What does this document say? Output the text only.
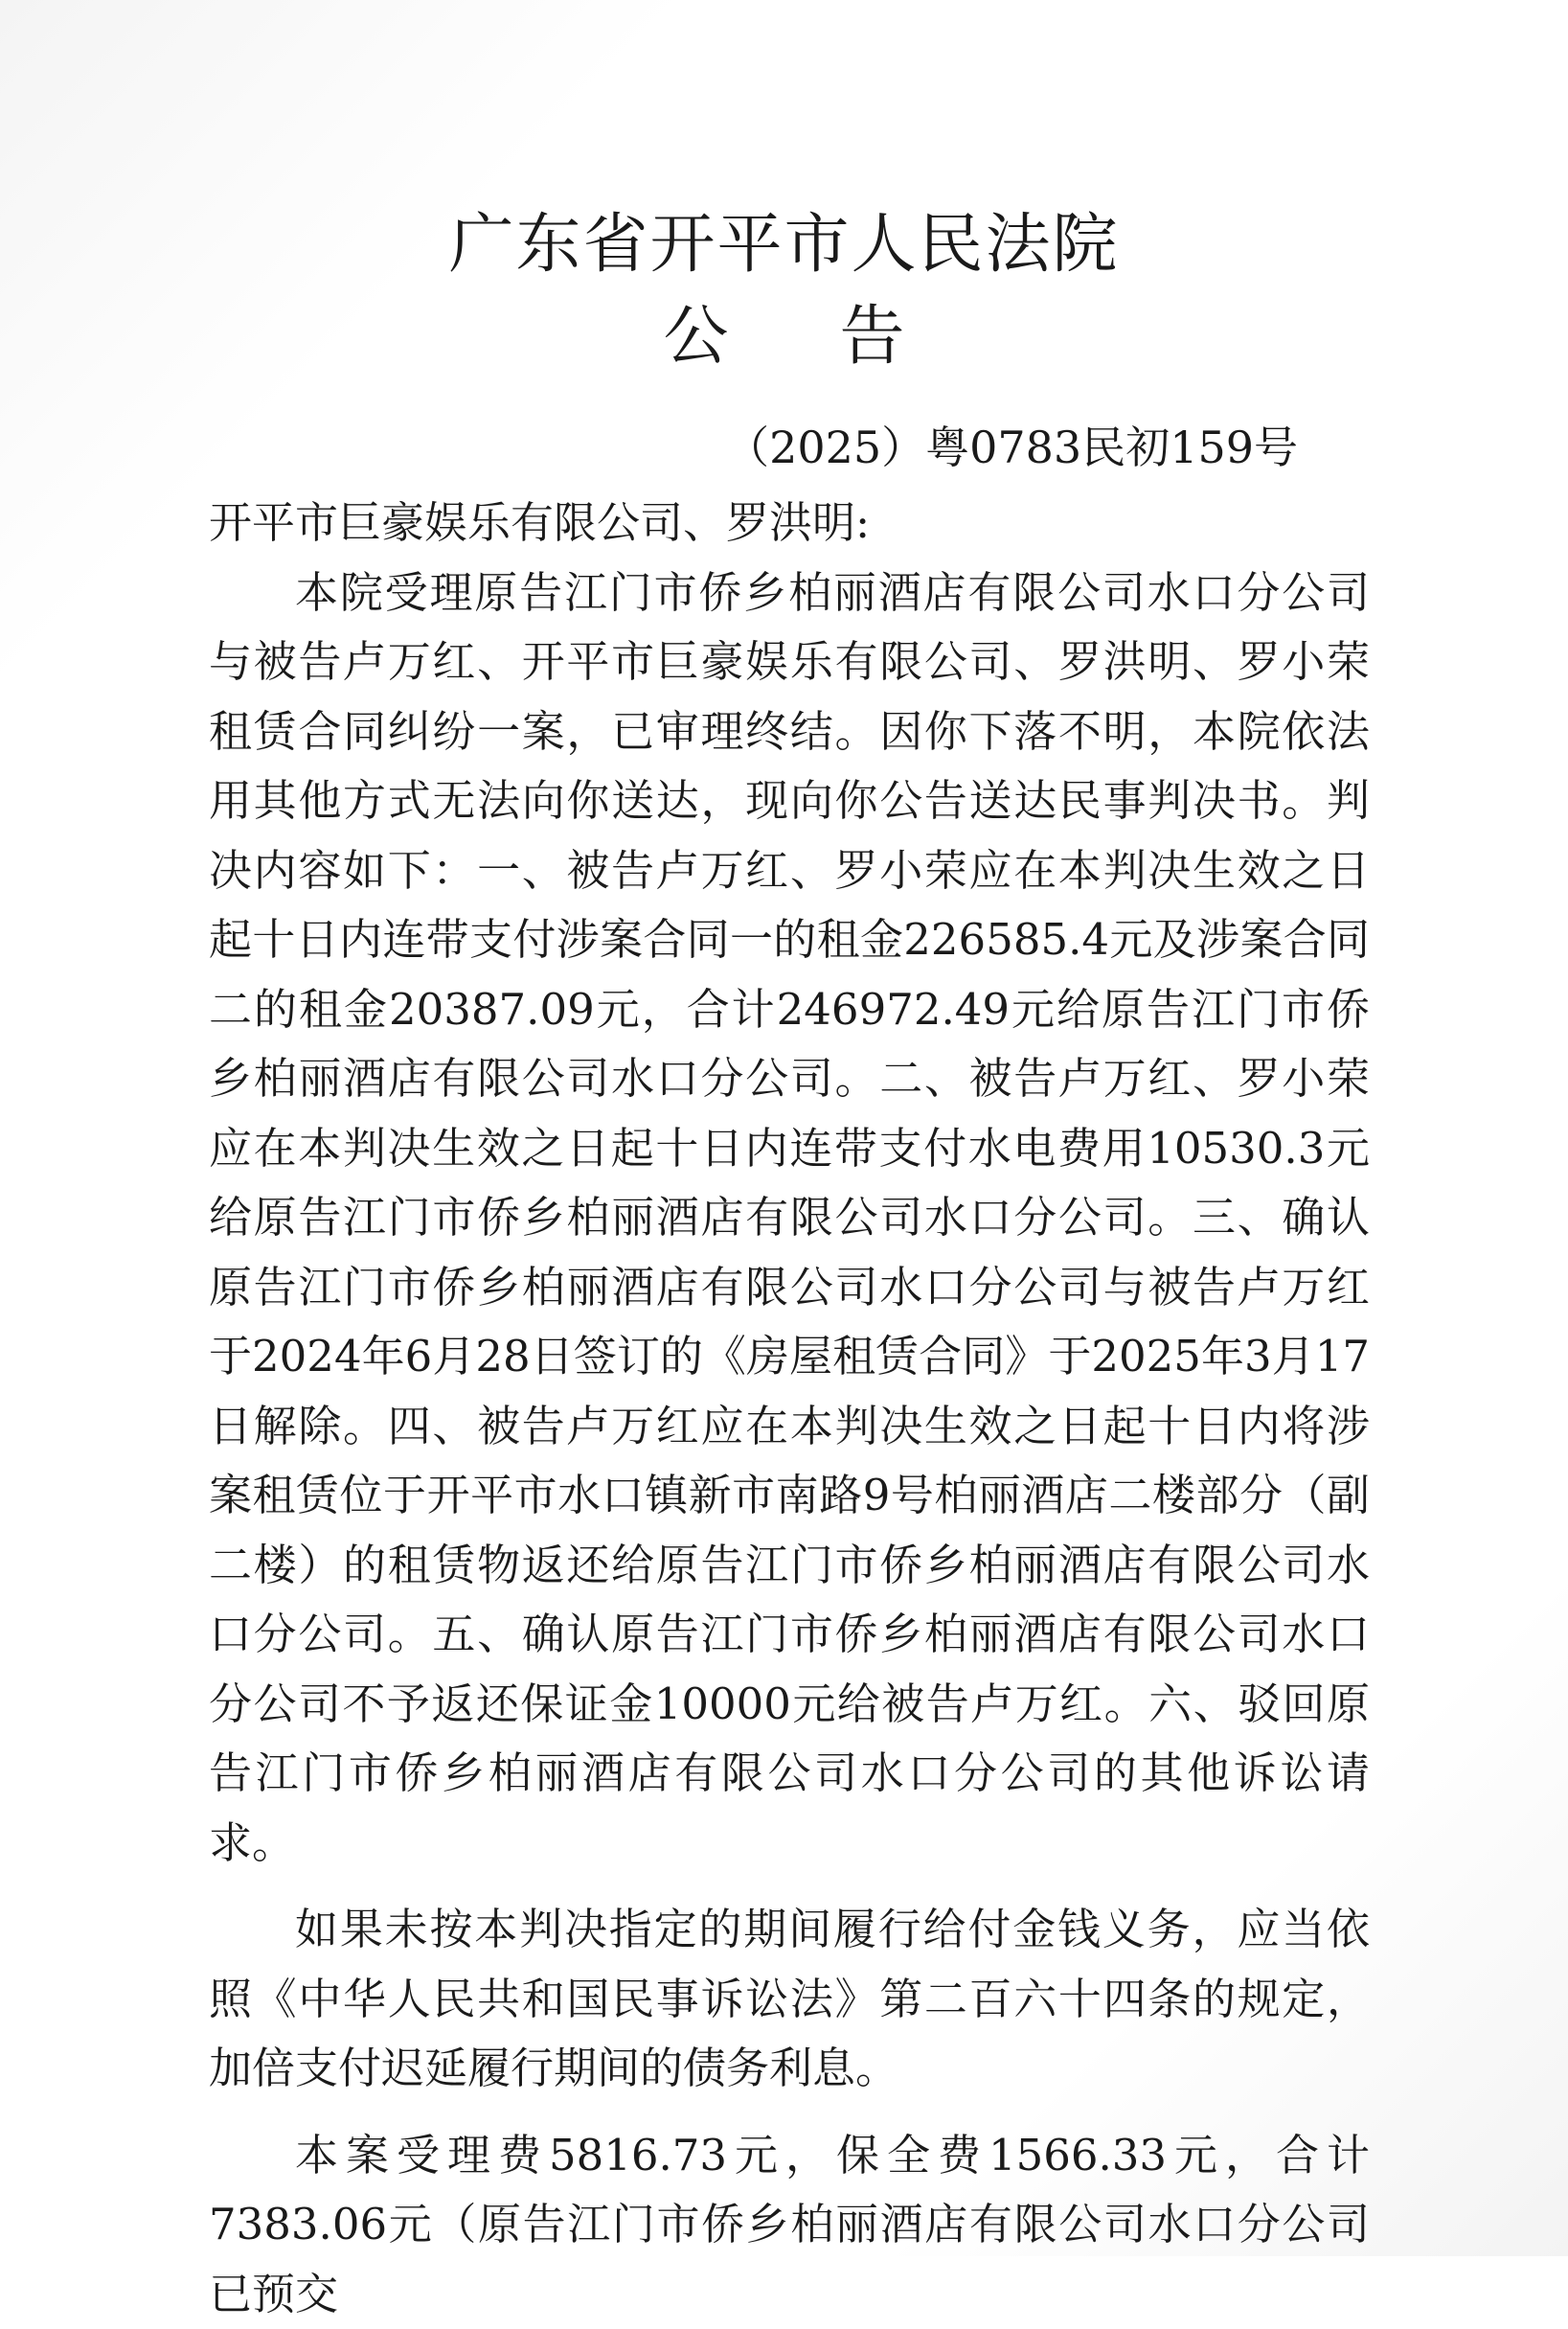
广东省开平市人民法院
公 告
（2025）粤0783民初159号

开平市巨豪娱乐有限公司、罗洪明:

本院受理原告江门市侨乡柏丽酒店有限公司水口分公司与被告卢万红、开平市巨豪娱乐有限公司、罗洪明、罗小荣租赁合同纠纷一案，已审理终结。因你下落不明，本院依法用其他方式无法向你送达，现向你公告送达民事判决书。判决内容如下：一、被告卢万红、罗小荣应在本判决生效之日起十日内连带支付涉案合同一的租金226585.4元及涉案合同二的租金20387.09元，合计246972.49元给原告江门市侨乡柏丽酒店有限公司水口分公司。二、被告卢万红、罗小荣应在本判决生效之日起十日内连带支付水电费用10530.3元给原告江门市侨乡柏丽酒店有限公司水口分公司。三、确认原告江门市侨乡柏丽酒店有限公司水口分公司与被告卢万红于2024年6月28日签订的《房屋租赁合同》于2025年3月17日解除。四、被告卢万红应在本判决生效之日起十日内将涉案租赁位于开平市水口镇新市南路9号柏丽酒店二楼部分（副二楼）的租赁物返还给原告江门市侨乡柏丽酒店有限公司水口分公司。五、确认原告江门市侨乡柏丽酒店有限公司水口分公司不予返还保证金10000元给被告卢万红。六、驳回原告江门市侨乡柏丽酒店有限公司水口分公司的其他诉讼请求。

如果未按本判决指定的期间履行给付金钱义务，应当依照《中华人民共和国民事诉讼法》第二百六十四条的规定，加倍支付迟延履行期间的债务利息。

本案受理费5816.73元，保全费1566.33元，合计7383.06元（原告江门市侨乡柏丽酒店有限公司水口分公司已预交
